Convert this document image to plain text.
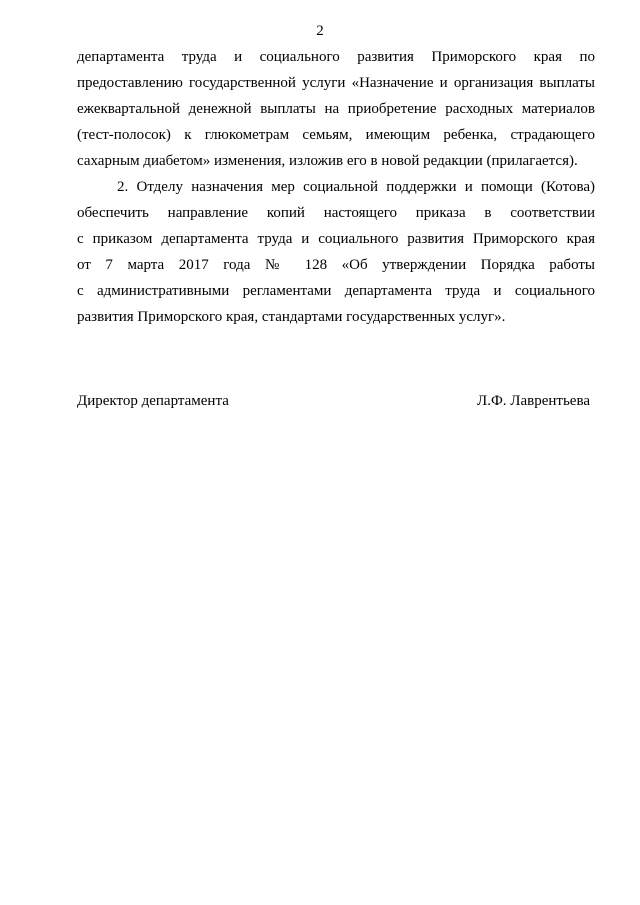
2
департамента труда и социального развития Приморского края по
предоставлению государственной услуги «Назначение и организация выплаты
ежеквартальной денежной выплаты на приобретение расходных материалов
(тест-полосок) к глюкометрам семьям, имеющим ребенка, страдающего
сахарным диабетом» изменения, изложив его в новой редакции (прилагается).
2. Отделу назначения мер социальной поддержки и помощи (Котова)
обеспечить направление копий настоящего приказа в соответствии
с приказом департамента труда и социального развития Приморского края
от 7 марта 2017 года № 128 «Об утверждении Порядка работы
с административными регламентами департамента труда и социального
развития Приморского края, стандартами государственных услуг».
Директор департамента	Л.Ф. Лаврентьева
